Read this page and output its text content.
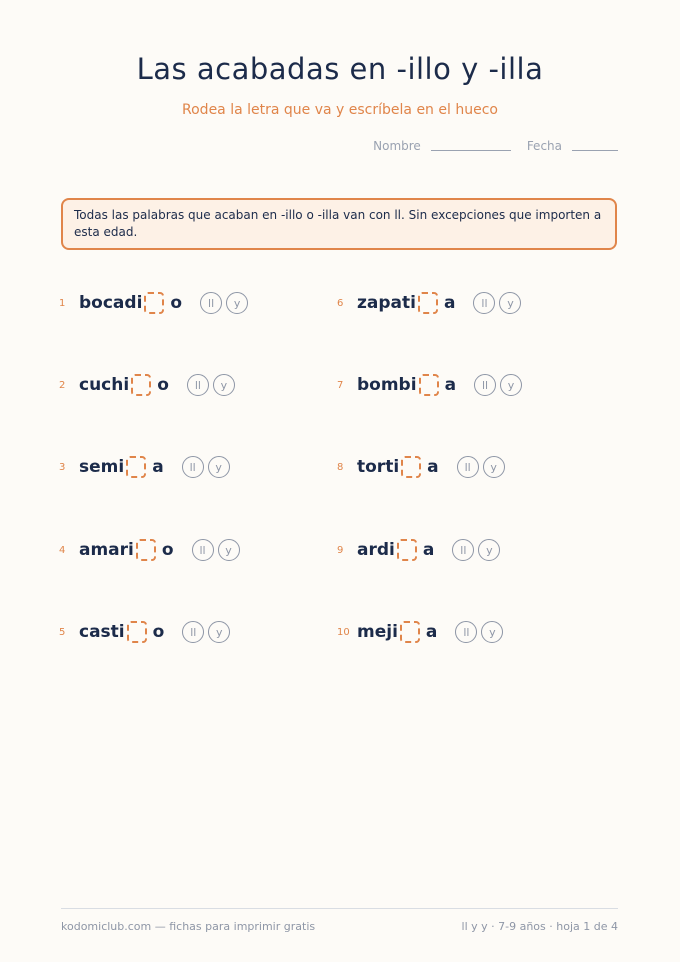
Las acabadas en -illo y -illa

Rodea la letra que va y escríbela en el hueco

Nombre	Fecha
Todas las palabras que acaban en -illo o -illa van con ll. Sin excepciones que importen a esta edad.
1 bocadi o	ll	y
2 cuchi o	ll	y
3 semi a	ll	y
4 amari o	ll	y
5 casti o	ll	y
6 zapati a	ll	y
7 bombi a	ll	y
8 torti a	ll	y
9 ardi a	ll	y
10 meji a	ll	y
kodomiclub.com — fichas para imprimir gratis	ll y y · 7-9 años · hoja 1 de 4
